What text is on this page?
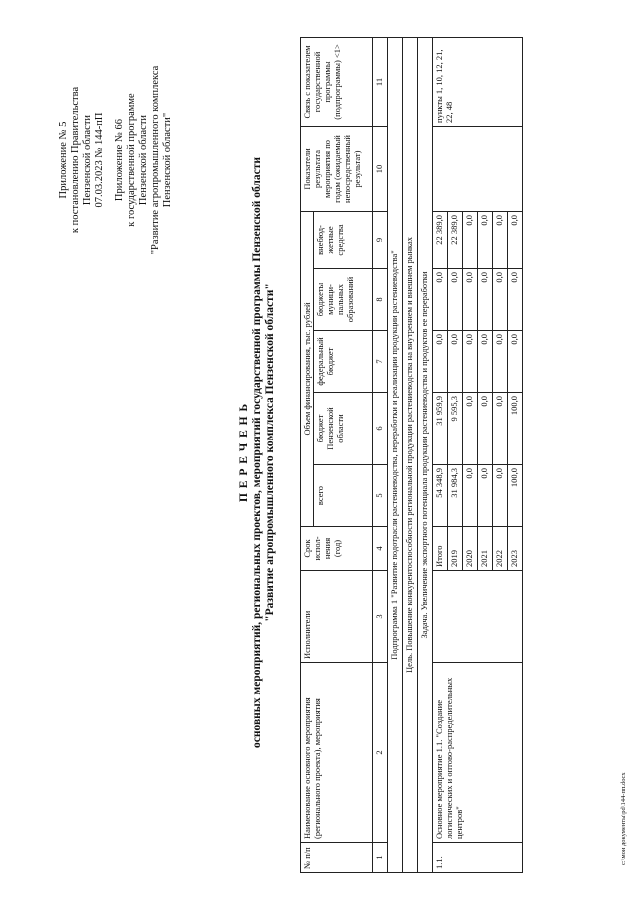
Приложение № 5 к постановлению Правительства Пензенской области 07.03.2023 № 144-пП Приложение № 66 к государственной программе Пензенской области "Развитие агропромышленного комплекса Пензенской области"
П Е Р Е Ч Е Н Ь основных мероприятий, региональных проектов, мероприятий государственной программы Пензенской области "Развитие агропромышленного комплекса Пензенской области"
№ п/п	Наименование основного мероприятия (регионального проекта), мероприятия	Исполнители	Срок испол- нения (год)	Объем финансирования, тыс. рублей					Показатели результата мероприятия по годам (ожидаемый непосредственный результат)	Связь с показателем государственной программы (подпрограммы) <1>
				всего	бюджет Пензенской области	федеральный бюджет	бюджеты муници- пальных образований	внебюд- жетные средства		
1	2	3	4	5	6	7	8	9	10	11
Подпрограмма 1 "Развитие подотрасли растениеводства, переработки и реализации продукции растениеводства"										
Цель. Повышение конкурентоспособности региональной продукции растениеводства на внутреннем и внешнем рынках										
Задача. Увеличение экспортного потенциала продукции растениеводства и продуктов ее переработки										
1.1.	Основное мероприятие 1.1. "Создание логистических и оптово-распределительных центров"		Итого	54 348,9	31 959,9	0,0	0,0	22 389,0		пункты 1, 10, 12, 21, 22, 48
			2019	31 984,3	9 595,3	0,0	0,0	22 389,0		
			2020	0,0	0,0	0,0	0,0	0,0		
			2021	0,0	0,0	0,0	0,0	0,0		
			2022	0,0	0,0	0,0	0,0	0,0		
			2023	100,0	100,0	0,0	0,0	0,0		
c:\мои документы\pd\144-пп.docx
